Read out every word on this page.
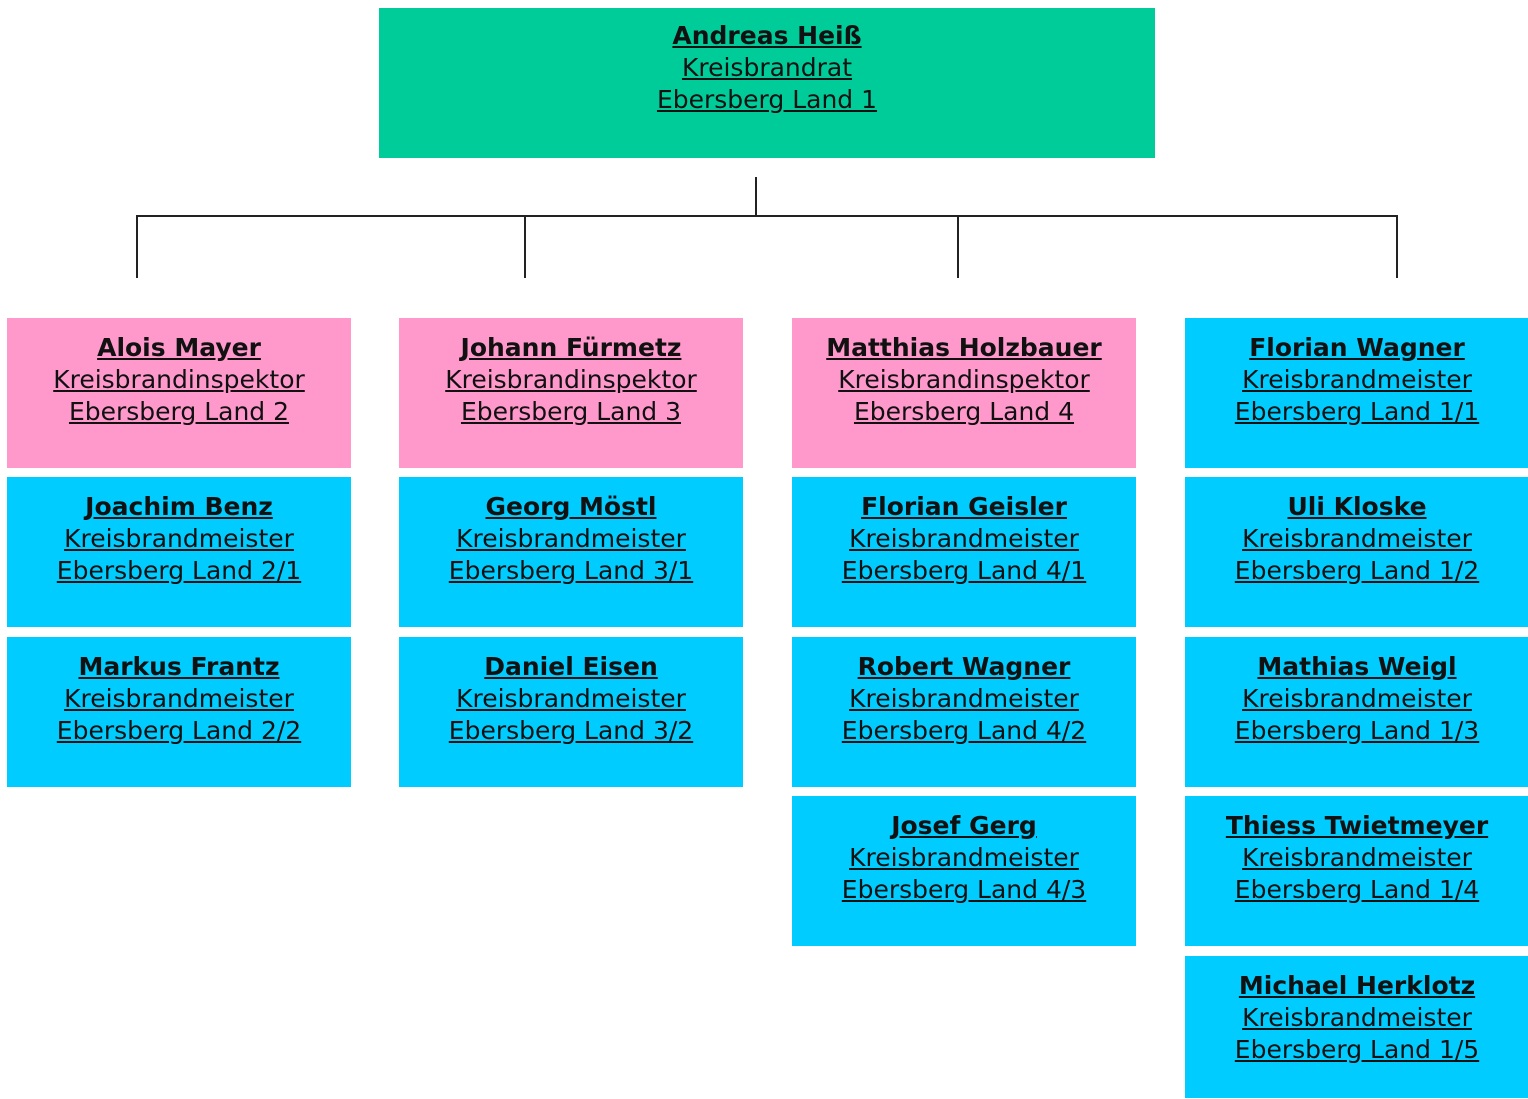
Andreas Heiß
Kreisbrandrat
Ebersberg Land 1
Alois Mayer
Kreisbrandinspektor
Ebersberg Land 2
Joachim Benz
Kreisbrandmeister
Ebersberg Land 2/1
Markus Frantz
Kreisbrandmeister
Ebersberg Land 2/2
Johann Fürmetz
Kreisbrandinspektor
Ebersberg Land 3
Georg Möstl
Kreisbrandmeister
Ebersberg Land 3/1
Daniel Eisen
Kreisbrandmeister
Ebersberg Land 3/2
Matthias Holzbauer
Kreisbrandinspektor
Ebersberg Land 4
Florian Geisler
Kreisbrandmeister
Ebersberg Land 4/1
Robert Wagner
Kreisbrandmeister
Ebersberg Land 4/2
Josef Gerg
Kreisbrandmeister
Ebersberg Land 4/3
Florian Wagner
Kreisbrandmeister
Ebersberg Land 1/1
Uli Kloske
Kreisbrandmeister
Ebersberg Land 1/2
Mathias Weigl
Kreisbrandmeister
Ebersberg Land 1/3
Thiess Twietmeyer
Kreisbrandmeister
Ebersberg Land 1/4
Michael Herklotz
Kreisbrandmeister
Ebersberg Land 1/5
